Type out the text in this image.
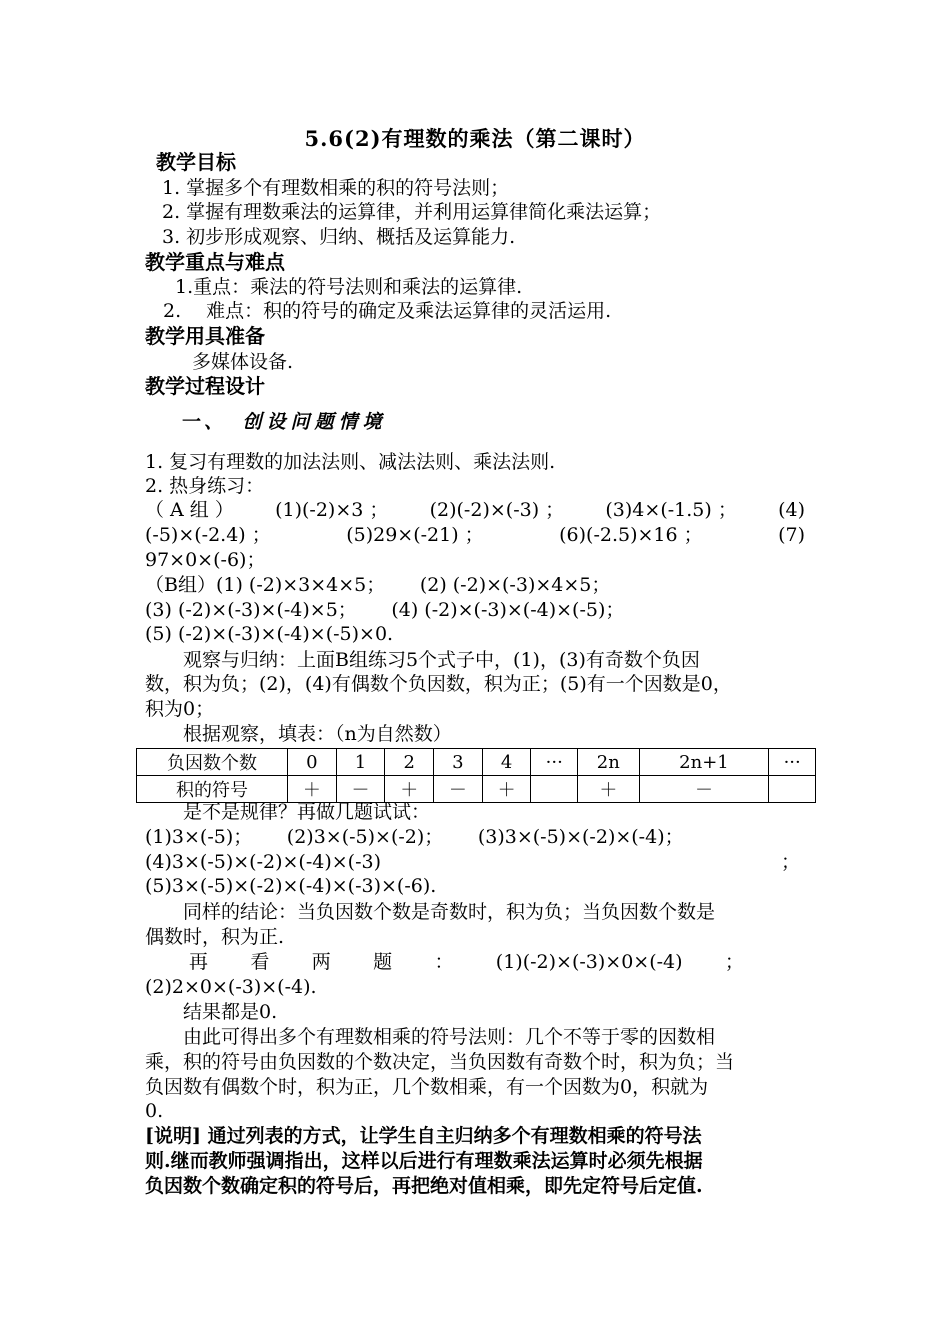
5.6(2)有理数的乘法（第二课时）
教学目标
1. 掌握多个有理数相乘的积的符号法则；
2. 掌握有理数乘法的运算律，并利用运算律简化乘法运算；
3. 初步形成观察、归纳、概括及运算能力.
教学重点与难点
1.重点：乘法的符号法则和乘法的运算律.
2.　 难点：积的符号的确定及乘法运算律的灵活运用.
教学用具准备
多媒体设备.
教学过程设计
一、　创设问题情境
1. 复习有理数的加法法则、减法法则、乘法法则.
2. 热身练习：
（ A 组 ） (1)(-2)×3 ； (2)(-2)×(-3) ； (3)4×(-1.5) ； (4)
(-5)×(-2.4) ；	(5)29×(-21) ；	(6)(-2.5)×16 ；	(7)
97×0×(-6)；
（B组）(1) (-2)×3×4×5；　　 (2) (-2)×(-3)×4×5；
(3) (-2)×(-3)×(-4)×5；　　 (4) (-2)×(-3)×(-4)×(-5)；
(5) (-2)×(-3)×(-4)×(-5)×0.
　　观察与归纳：上面B组练习5个式子中，(1)，(3)有奇数个负因
数，积为负；(2)，(4)有偶数个负因数，积为正；(5)有一个因数是0，
积为0；
　　根据观察，填表：（n为自然数）
负因数个数	0	1	2	3	4	···	2n	2n+1	···
积的符号	＋	－	＋	－	＋		＋	－	
　　是不是规律？再做几题试试：
(1)3×(-5)；　　 (2)3×(-5)×(-2)；　　 (3)3×(-5)×(-2)×(-4)；
(4)3×(-5)×(-2)×(-4)×(-3)	；
(5)3×(-5)×(-2)×(-4)×(-3)×(-6).
　　同样的结论：当负因数个数是奇数时，积为负；当负因数个数是
偶数时，积为正.
再 看 两 题 ： (1)(-2)×(-3)×0×(-4) ；
(2)2×0×(-3)×(-4).
　　结果都是0.
　　由此可得出多个有理数相乘的符号法则：几个不等于零的因数相
乘，积的符号由负因数的个数决定，当负因数有奇数个时，积为负；当
负因数有偶数个时，积为正，几个数相乘，有一个因数为0，积就为
0.
[说明] 通过列表的方式，让学生自主归纳多个有理数相乘的符号法
则.继而教师强调指出，这样以后进行有理数乘法运算时必须先根据
负因数个数确定积的符号后，再把绝对值相乘，即先定符号后定值.
